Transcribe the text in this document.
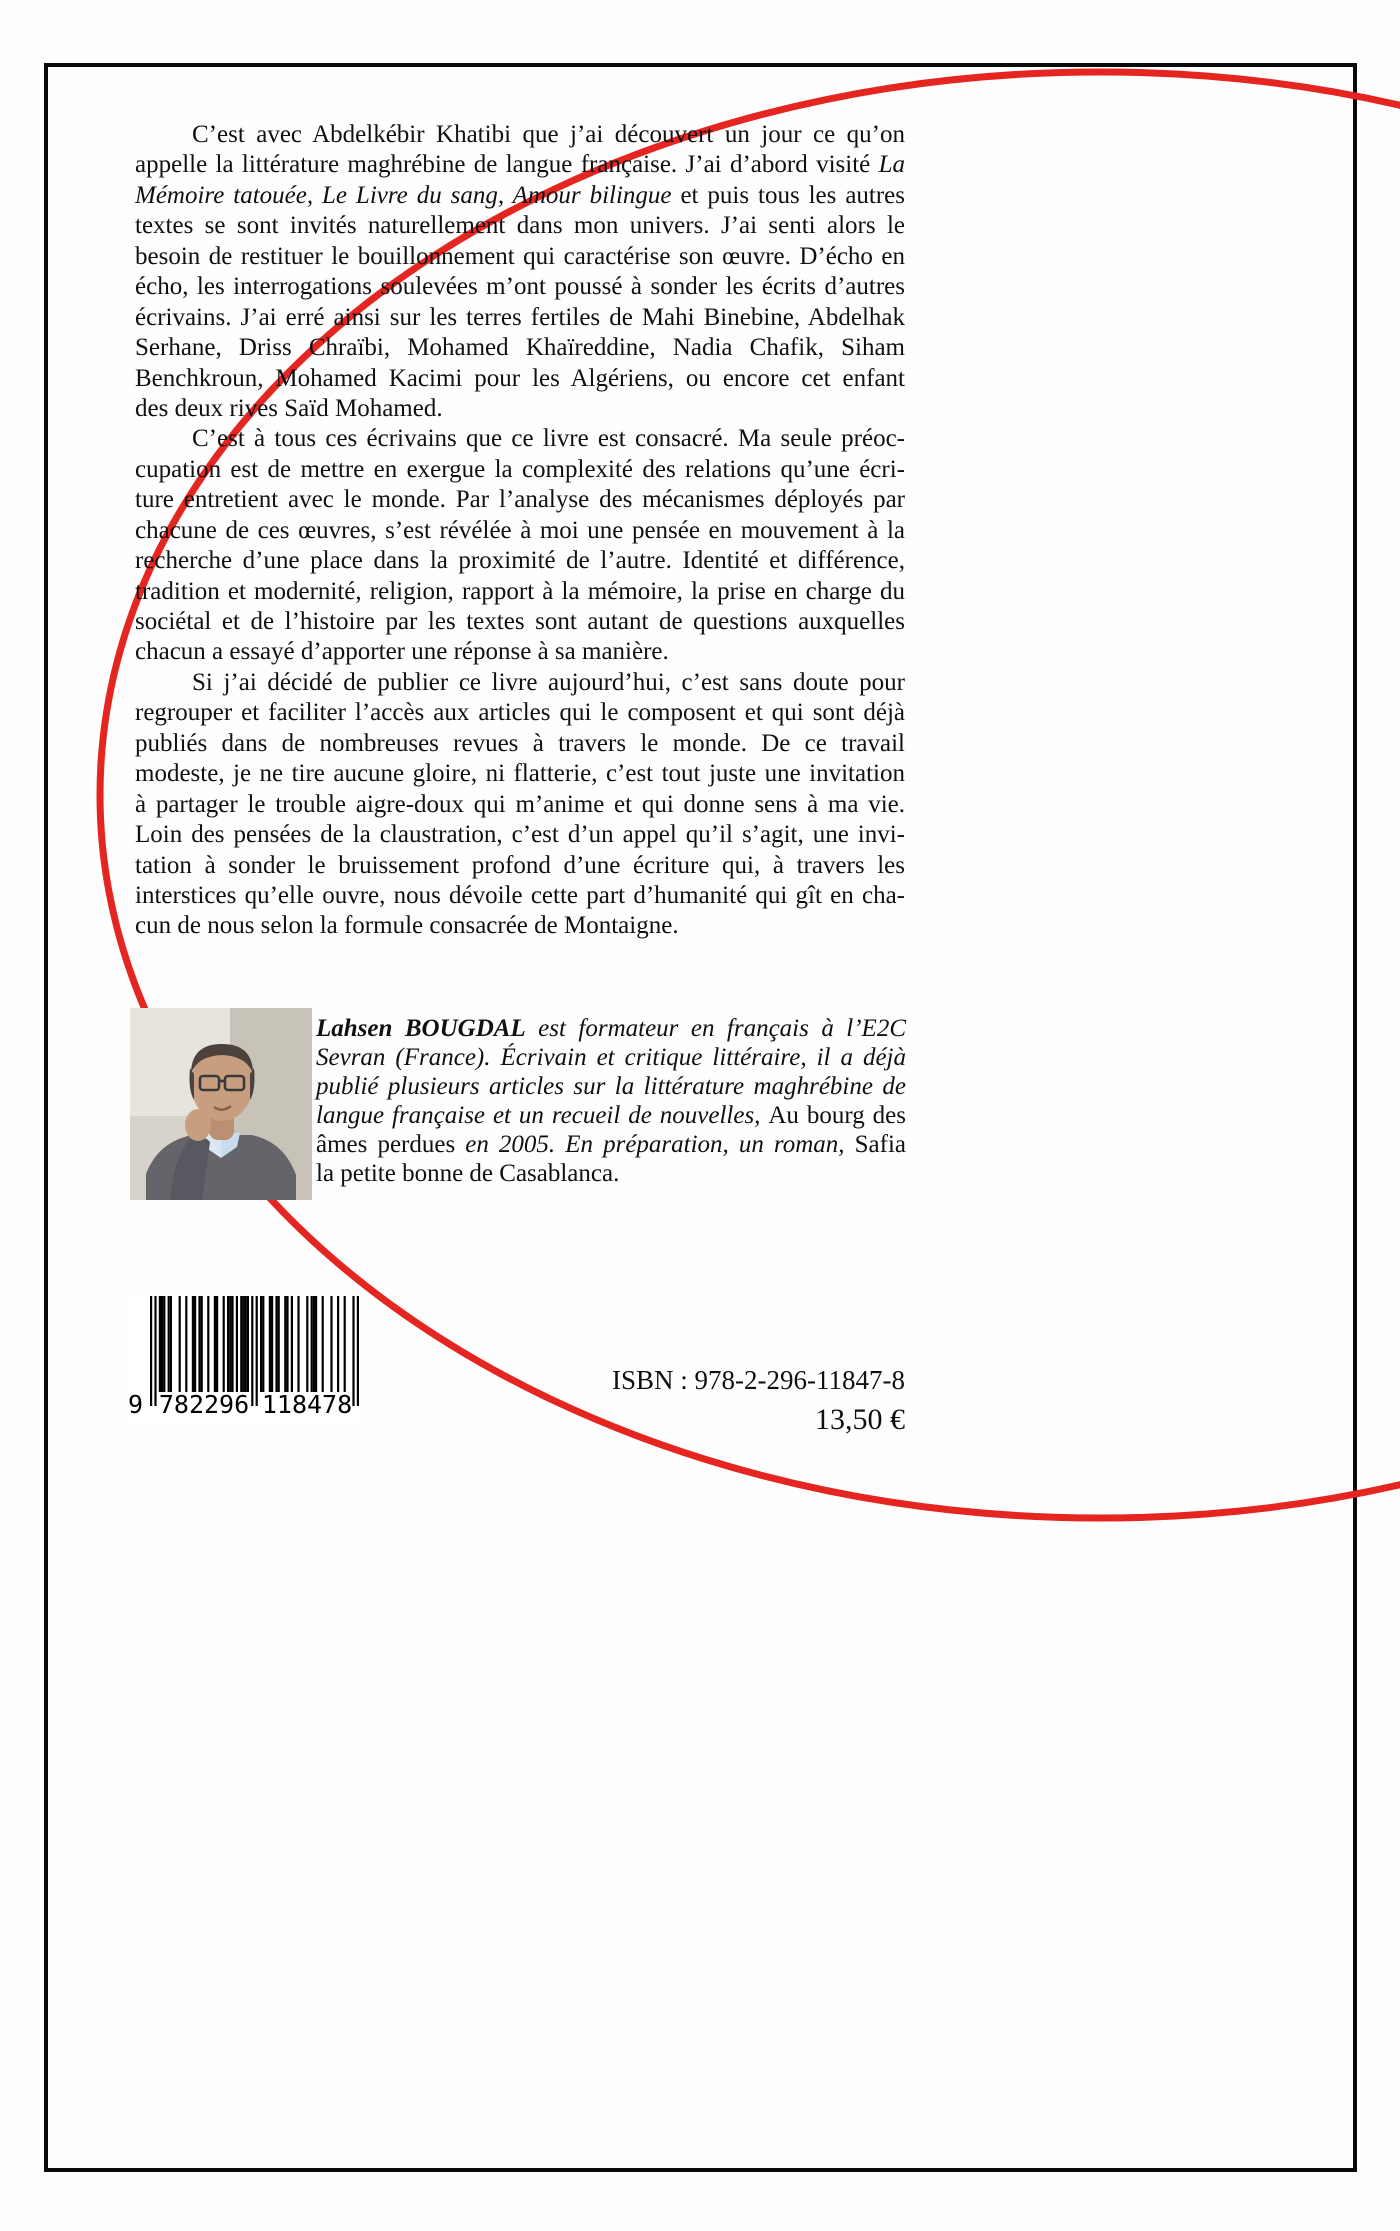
C’est avec Abdelkébir Khatibi que j’ai découvert un jour ce qu’on
appelle la littérature maghrébine de langue française. J’ai d’abord visité La
Mémoire tatouée, Le Livre du sang, Amour bilingue et puis tous les autres
textes se sont invités naturellement dans mon univers. J’ai senti alors le
besoin de restituer le bouillonnement qui caractérise son œuvre. D’écho en
écho, les interrogations soulevées m’ont poussé à sonder les écrits d’autres
écrivains. J’ai erré ainsi sur les terres fertiles de Mahi Binebine, Abdelhak
Serhane, Driss Chraïbi, Mohamed Khaïreddine, Nadia Chafik, Siham
Benchkroun, Mohamed Kacimi pour les Algériens, ou encore cet enfant
des deux rives Saïd Mohamed.
C’est à tous ces écrivains que ce livre est consacré. Ma seule préoc-
cupation est de mettre en exergue la complexité des relations qu’une écri-
ture entretient avec le monde. Par l’analyse des mécanismes déployés par
chacune de ces œuvres, s’est révélée à moi une pensée en mouvement à la
recherche d’une place dans la proximité de l’autre. Identité et différence,
tradition et modernité, religion, rapport à la mémoire, la prise en charge du
sociétal et de l’histoire par les textes sont autant de questions auxquelles
chacun a essayé d’apporter une réponse à sa manière.
Si j’ai décidé de publier ce livre aujourd’hui, c’est sans doute pour
regrouper et faciliter l’accès aux articles qui le composent et qui sont déjà
publiés dans de nombreuses revues à travers le monde. De ce travail
modeste, je ne tire aucune gloire, ni flatterie, c’est tout juste une invitation
à partager le trouble aigre-doux qui m’anime et qui donne sens à ma vie.
Loin des pensées de la claustration, c’est d’un appel qu’il s’agit, une invi-
tation à sonder le bruissement profond d’une écriture qui, à travers les
interstices qu’elle ouvre, nous dévoile cette part d’humanité qui gît en cha-
cun de nous selon la formule consacrée de Montaigne.
Lahsen BOUGDAL est formateur en français à l’E2C
Sevran (France). Écrivain et critique littéraire, il a déjà
publié plusieurs articles sur la littérature maghrébine de
langue française et un recueil de nouvelles, Au bourg des
âmes perdues en 2005. En préparation, un roman, Safia
la petite bonne de Casablanca.
9 782296 118478
ISBN : 978-2-296-11847-8
13,50 €
